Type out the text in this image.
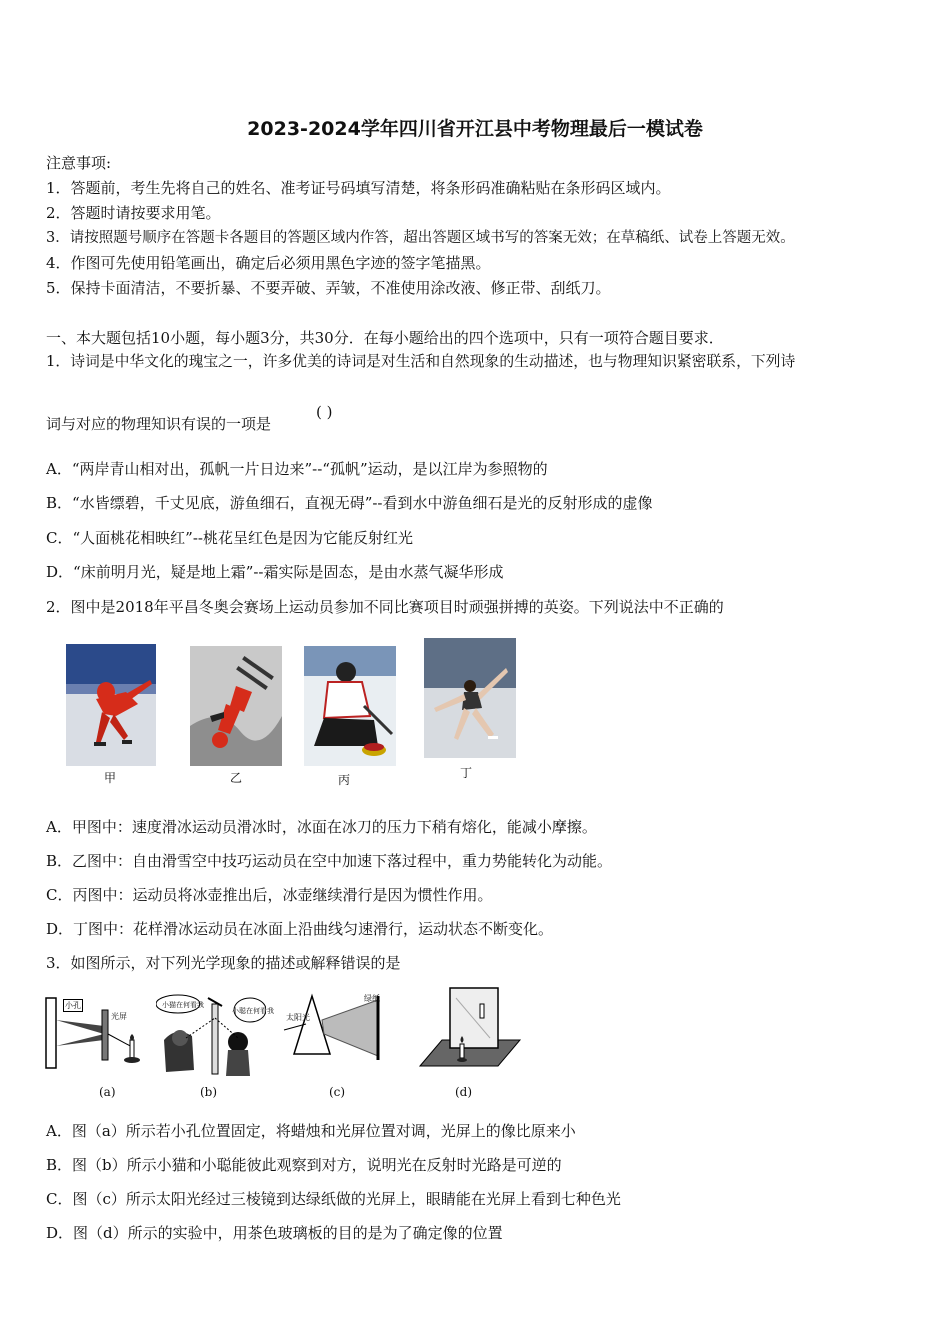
2023-2024学年四川省开江县中考物理最后一模试卷
注意事项:
1．答题前，考生先将自己的姓名、准考证号码填写清楚，将条形码准确粘贴在条形码区域内。
2．答题时请按要求用笔。
3．请按照题号顺序在答题卡各题目的答题区域内作答，超出答题区域书写的答案无效；在草稿纸、试卷上答题无效。
4．作图可先使用铅笔画出，确定后必须用黑色字迹的签字笔描黑。
5．保持卡面清洁，不要折暴、不要弄破、弄皱，不准使用涂改液、修正带、刮纸刀。
一、本大题包括10小题，每小题3分，共30分．在每小题给出的四个选项中，只有一项符合题目要求．
1．诗词是中华文化的瑰宝之一，许多优美的诗词是对生活和自然现象的生动描述，也与物理知识紧密联系，下列诗
词与对应的物理知识有误的一项是
( )
A．“两岸青山相对出，孤帆一片日边来”--“孤帆”运动，是以江岸为参照物的
B．“水皆缥碧，千丈见底，游鱼细石，直视无碍”--看到水中游鱼细石是光的反射形成的虚像
C．“人面桃花相映红”--桃花呈红色是因为它能反射红光
D．“床前明月光，疑是地上霜”--霜实际是固态，是由水蒸气凝华形成
2．图中是2018年平昌冬奥会赛场上运动员参加不同比赛项目时顽强拼搏的英姿。下列说法中不正确的
甲	乙	丙	丁
A．甲图中：速度滑冰运动员滑冰时，冰面在冰刀的压力下稍有熔化，能减小摩擦。
B．乙图中：自由滑雪空中技巧运动员在空中加速下落过程中，重力势能转化为动能。
C．丙图中：运动员将冰壶推出后，冰壶继续滑行是因为惯性作用。
D．丁图中：花样滑冰运动员在冰面上沿曲线匀速滑行，运动状态不断变化。
3．如图所示，对下列光学现象的描述或解释错误的是
小孔
光屏
小猫在何看我
小聪在何看我
太阳光
绿纸
(a)	(b)	(c)	(d)
A．图（a）所示若小孔位置固定，将蜡烛和光屏位置对调，光屏上的像比原来小
B．图（b）所示小猫和小聪能彼此观察到对方，说明光在反射时光路是可逆的
C．图（c）所示太阳光经过三棱镜到达绿纸做的光屏上，眼睛能在光屏上看到七种色光
D．图（d）所示的实验中，用茶色玻璃板的目的是为了确定像的位置
